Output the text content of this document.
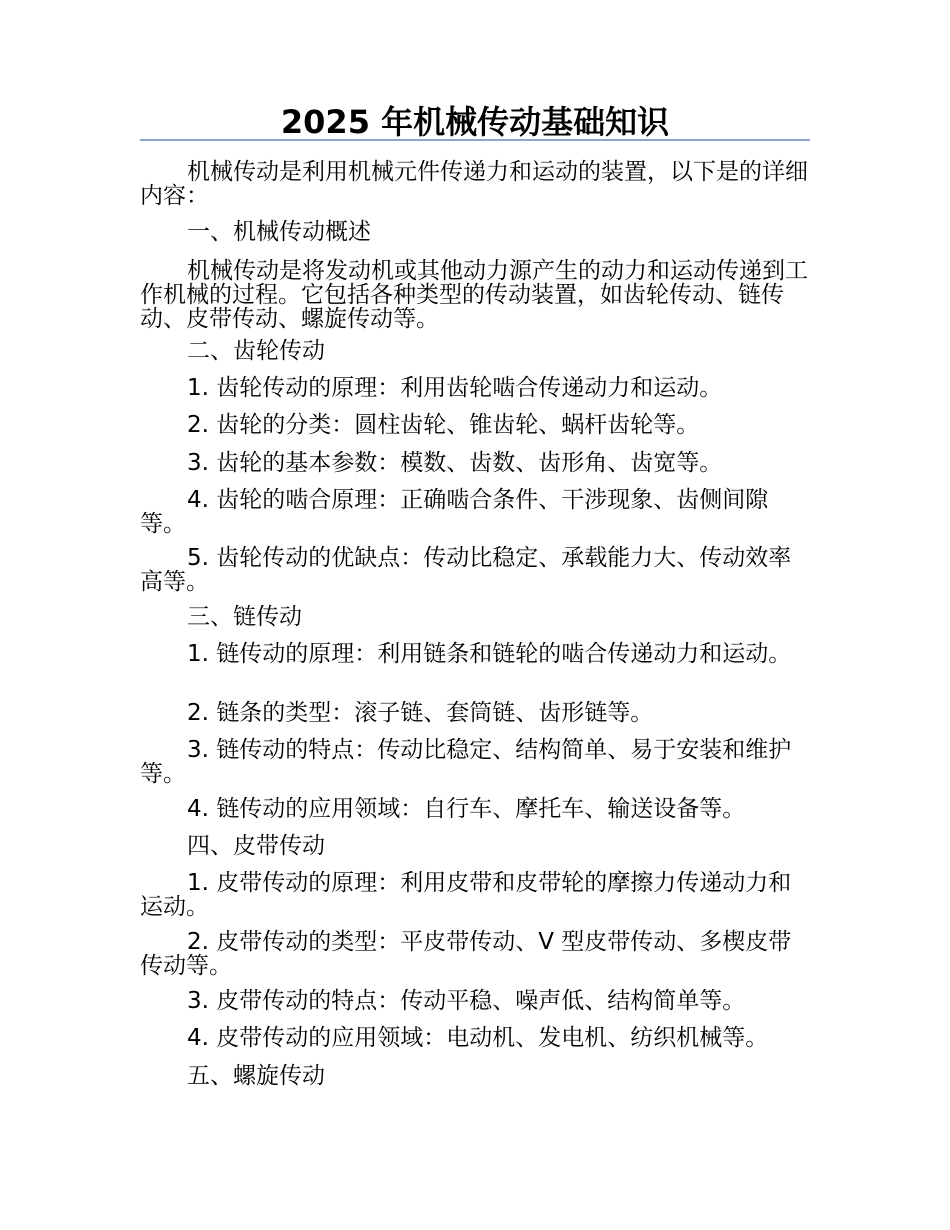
2025 年机械传动基础知识

机械传动是利用机械元件传递力和运动的装置，以下是的详细内容：

一、机械传动概述

机械传动是将发动机或其他动力源产生的动力和运动传递到工作机械的过程。它包括各种类型的传动装置，如齿轮传动、链传动、皮带传动、螺旋传动等。

二、齿轮传动

1. 齿轮传动的原理：利用齿轮啮合传递动力和运动。

2. 齿轮的分类：圆柱齿轮、锥齿轮、蜗杆齿轮等。

3. 齿轮的基本参数：模数、齿数、齿形角、齿宽等。

4. 齿轮的啮合原理：正确啮合条件、干涉现象、齿侧间隙等。

5. 齿轮传动的优缺点：传动比稳定、承载能力大、传动效率高等。

三、链传动

1. 链传动的原理：利用链条和链轮的啮合传递动力和运动。

2. 链条的类型：滚子链、套筒链、齿形链等。

3. 链传动的特点：传动比稳定、结构简单、易于安装和维护等。

4. 链传动的应用领域：自行车、摩托车、输送设备等。

四、皮带传动

1. 皮带传动的原理：利用皮带和皮带轮的摩擦力传递动力和运动。

2. 皮带传动的类型：平皮带传动、V 型皮带传动、多楔皮带传动等。

3. 皮带传动的特点：传动平稳、噪声低、结构简单等。

4. 皮带传动的应用领域：电动机、发电机、纺织机械等。

五、螺旋传动
